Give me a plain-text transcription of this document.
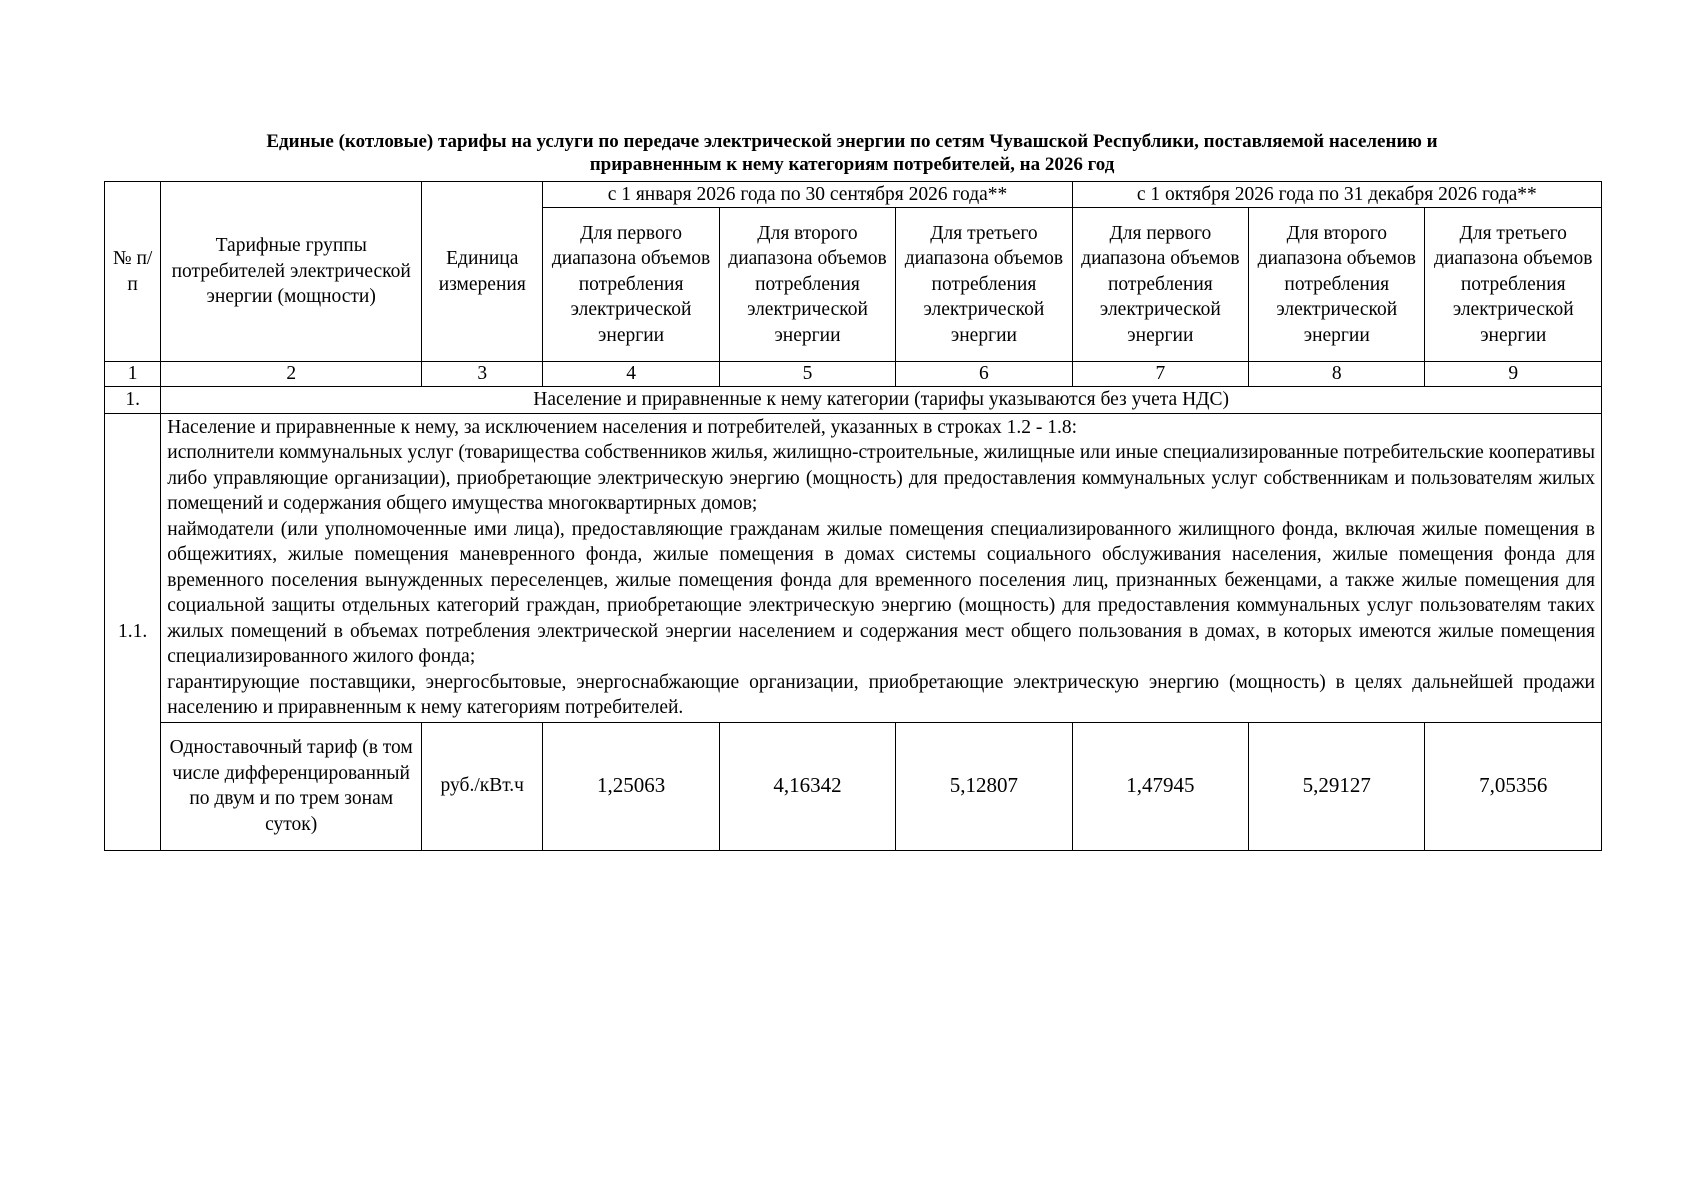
Единые (котловые) тарифы на услуги по передаче электрической энергии по сетям Чувашской Республики, поставляемой населению и
приравненным к нему категориям потребителей, на 2026 год
№ п/п	Тарифные группы потребителей электрической энергии (мощности)	Единица измерения	с 1 января 2026 года по 30 сентября 2026 года**			с 1 октября 2026 года по 31 декабря 2026 года**		
			Для первого диапазона объемов потребления электрической энергии	Для второго диапазона объемов потребления электрической энергии	Для третьего диапазона объемов потребления электрической энергии	Для первого диапазона объемов потребления электрической энергии	Для второго диапазона объемов потребления электрической энергии	Для третьего диапазона объемов потребления электрической энергии
1	2	3	4	5	6	7	8	9
1.	Население и приравненные к нему категории (тарифы указываются без учета НДС)							
1.1.	Население и приравненные к нему, за исключением населения и потребителей, указанных в строках 1.2 - 1.8:

исполнители коммунальных услуг (товарищества собственников жилья, жилищно-строительные, жилищные или иные специализированные потребительские кооперативы либо управляющие организации), приобретающие электрическую энергию (мощность) для предоставления коммунальных услуг собственникам и пользователям жилых помещений и содержания общего имущества многоквартирных домов;

наймодатели (или уполномоченные ими лица), предоставляющие гражданам жилые помещения специализированного жилищного фонда, включая жилые помещения в общежитиях, жилые помещения маневренного фонда, жилые помещения в домах системы социального обслуживания населения, жилые помещения фонда для временного поселения вынужденных переселенцев, жилые помещения фонда для временного поселения лиц, признанных беженцами, а также жилые помещения для социальной защиты отдельных категорий граждан, приобретающие электрическую энергию (мощность) для предоставления коммунальных услуг пользователям таких жилых помещений в объемах потребления электрической энергии населением и содержания мест общего пользования в домах, в которых имеются жилые помещения специализированного жилого фонда;

гарантирующие поставщики, энергосбытовые, энергоснабжающие организации, приобретающие электрическую энергию (мощность) в целях дальнейшей продажи населению и приравненным к нему категориям потребителей.							

	Одноставочный тариф (в том числе дифференцированный по двум и по трем зонам суток)	руб./кВт.ч	1,25063	4,16342	5,12807	1,47945	5,29127	7,05356
